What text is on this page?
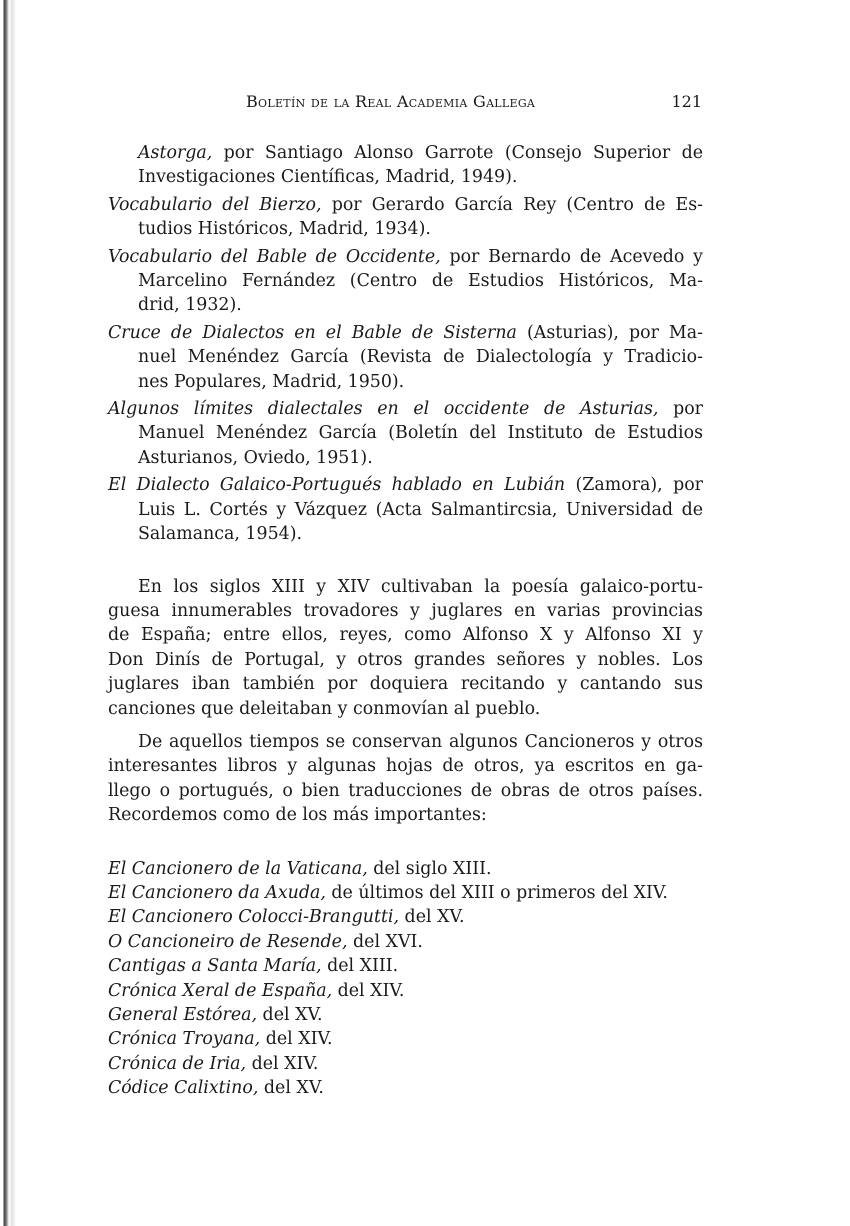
Boletín de la Real Academia Gallega	121
Astorga, por Santiago Alonso Garrote (Consejo Superior de
Investigaciones Científicas, Madrid, 1949).
Vocabulario del Bierzo, por Gerardo García Rey (Centro de Es-
tudios Históricos, Madrid, 1934).
Vocabulario del Bable de Occidente, por Bernardo de Acevedo y
Marcelino Fernández (Centro de Estudios Históricos, Ma-
drid, 1932).
Cruce de Dialectos en el Bable de Sisterna (Asturias), por Ma-
nuel Menéndez García (Revista de Dialectología y Tradicio-
nes Populares, Madrid, 1950).
Algunos límites dialectales en el occidente de Asturias, por
Manuel Menéndez García (Boletín del Instituto de Estudios
Asturianos, Oviedo, 1951).
El Dialecto Galaico-Portugués hablado en Lubián (Zamora), por
Luis L. Cortés y Vázquez (Acta Salmantircsia, Universidad de
Salamanca, 1954).
En los siglos XIII y XIV cultivaban la poesía galaico-portu-
guesa innumerables trovadores y juglares en varias provincias
de España; entre ellos, reyes, como Alfonso X y Alfonso XI y
Don Dinís de Portugal, y otros grandes señores y nobles. Los
juglares iban también por doquiera recitando y cantando sus
canciones que deleitaban y conmovían al pueblo.
De aquellos tiempos se conservan algunos Cancioneros y otros
interesantes libros y algunas hojas de otros, ya escritos en ga-
llego o portugués, o bien traducciones de obras de otros países.
Recordemos como de los más importantes:
El Cancionero de la Vaticana, del siglo XIII.
El Cancionero da Axuda, de últimos del XIII o primeros del XIV.
El Cancionero Colocci-Brangutti, del XV.
O Cancioneiro de Resende, del XVI.
Cantigas a Santa María, del XIII.
Crónica Xeral de España, del XIV.
General Estórea, del XV.
Crónica Troyana, del XIV.
Crónica de Iria, del XIV.
Códice Calixtino, del XV.
